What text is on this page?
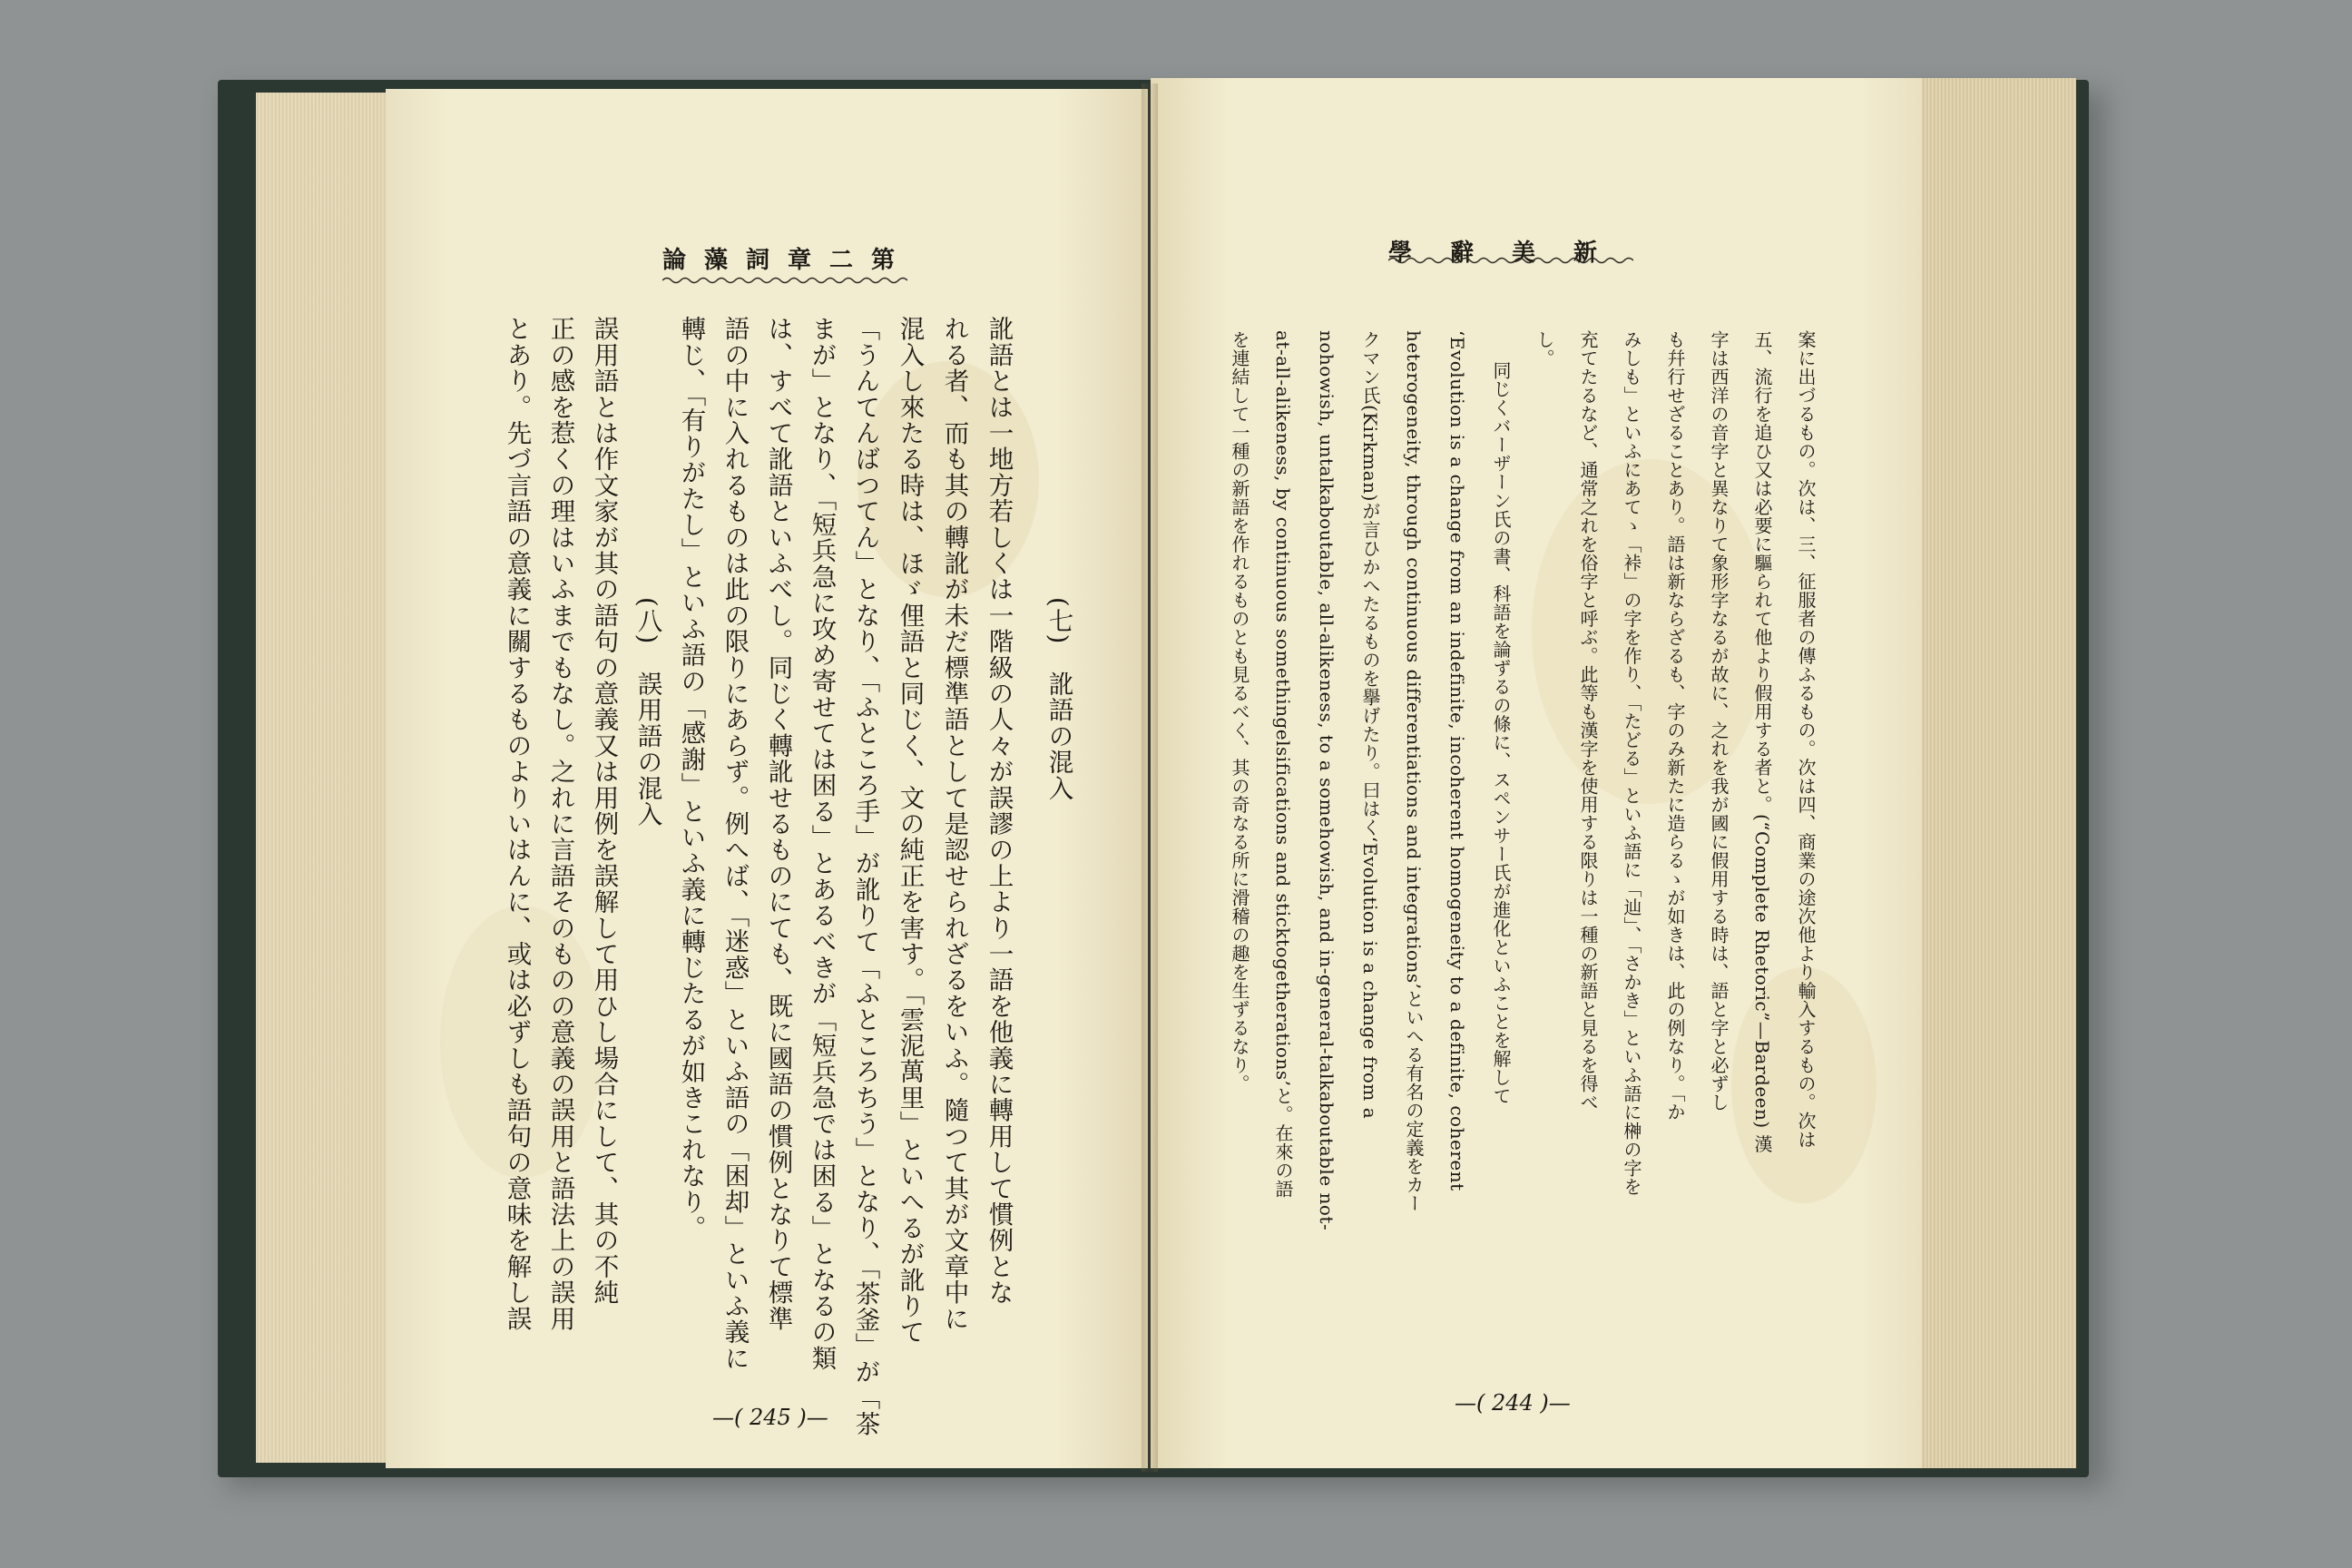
論藻詞章二第
(七)　訛語の混入
訛語とは一地方若しくは一階級の人々が誤謬の上より一語を他義に轉用して慣例とな
れる者、而も其の轉訛が未だ標準語として是認せられざるをいふ。隨つて其が文章中に
混入し來たる時は、ほゞ俚語と同じく、文の純正を害す。「雲泥萬里」といへるが訛りて
「うんてんばつてん」となり、「ふところ手」が訛りて「ふところちう」となり、「茶釜」が「茶
まが」となり、「短兵急に攻め寄せては困る」とあるべきが「短兵急では困る」となるの類
は、すべて訛語といふべし。同じく轉訛せるものにても、既に國語の慣例となりて標準
語の中に入れるものは此の限りにあらず。例へば、「迷惑」といふ語の「困却」といふ義に
轉じ、「有りがたし」といふ語の「感謝」といふ義に轉じたるが如きこれなり。
(八)　誤用語の混入
誤用語とは作文家が其の語句の意義又は用例を誤解して用ひし場合にして、其の不純
正の感を惹くの理はいふまでもなし。之れに言語そのものの意義の誤用と語法上の誤用
とあり。先づ言語の意義に關するものよりいはんに、或は必ずしも語句の意味を解し誤
—( 245 )—
學辭美新
案に出づるもの。次は、三、征服者の傳ふるもの。次は四、商業の途次他より輸入するもの。次は
五、流行を追ひ又は必要に驅られて他より假用する者と。(“Complete Rhetoric”—Bardeen) 漢
字は西洋の音字と異なりて象形字なるが故に、之れを我が國に假用する時は、語と字と必ずし
も幷行せざることあり。語は新ならざるも、字のみ新たに造らるゝが如きは、此の例なり。「か
みしも」といふにあてゝ「裃」の字を作り、「たどる」といふ語に「辿」、「さかき」といふ語に榊の字を
充てたるなど、通常之れを俗字と呼ぶ。此等も漢字を使用する限りは一種の新語と見るを得べ
し。
同じくバーザーン氏の書、科語を論ずるの條に、スペンサー氏が進化といふことを解して
‘Evolution is a change from an indefinite, incoherent homogeneity to a definite, coherent
heterogeneity, through continuous differentiations and integrations’といへる有名の定義をカー
クマン氏(Kirkman)が言ひかへたるものを擧げたり。曰はく‘Evolution is a change from a
nohowish, untalkaboutable, all-alikeness, to a somehowish, and in-general-talkaboutable not-
at-all-alikeness, by continuous somethingelsifications and sticktogetherations’と。在來の語
を連結して一種の新語を作れるものとも見るべく、其の奇なる所に滑稽の趣を生ずるなり。
—( 244 )—
